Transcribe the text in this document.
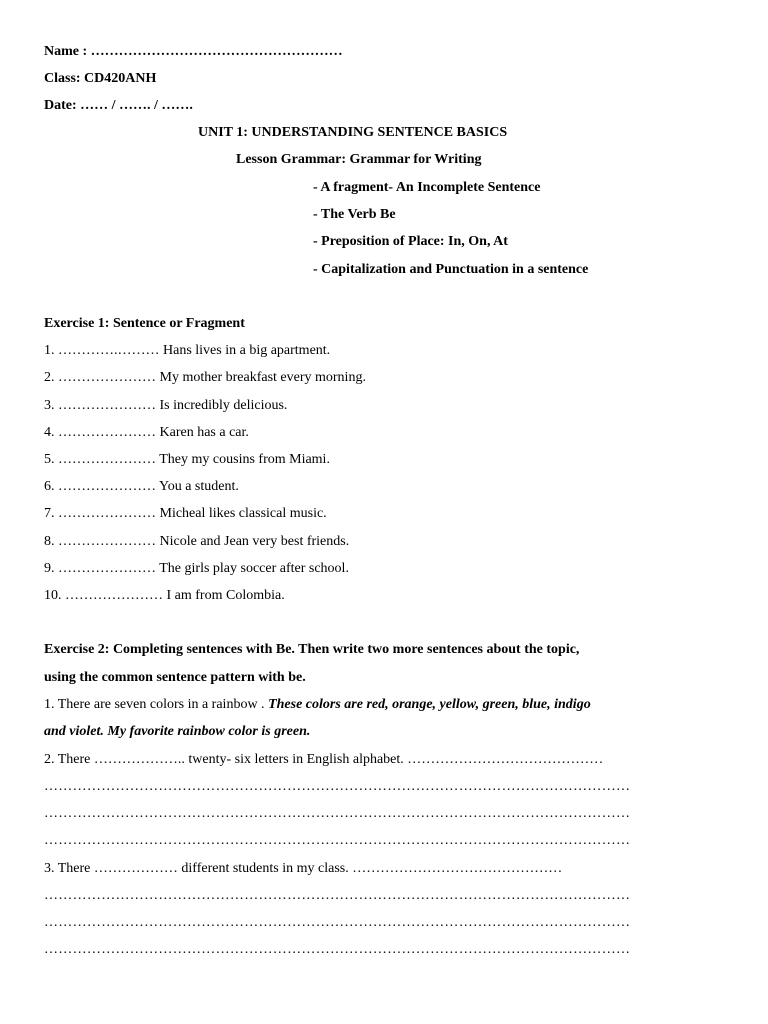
Name : ………………………………………………
Class: CD420ANH
Date: …… / ……. / …….
UNIT 1: UNDERSTANDING SENTENCE BASICS
Lesson Grammar: Grammar for Writing
- A fragment- An Incomplete Sentence
- The Verb Be
- Preposition of Place: In, On, At
- Capitalization and Punctuation in a sentence
Exercise 1: Sentence or Fragment
1. ………….……… Hans lives in a big apartment.
2. ………………… My mother breakfast every morning.
3. ………………… Is incredibly delicious.
4. ………………… Karen has a car.
5. ………………… They my cousins from Miami.
6. ………………… You a student.
7. ………………… Micheal likes classical music.
8. ………………… Nicole and Jean very best friends.
9. ………………… The girls play soccer after school.
10. ………………… I am from Colombia.
Exercise 2: Completing sentences with Be. Then write two more sentences about the topic,
using the common sentence pattern with be.
1. There are seven colors in a rainbow . These colors are red, orange, yellow, green, blue, indigo
and violet. My favorite rainbow color is green.
2. There ……………….. twenty- six letters in English alphabet. ……………………………………
……………………………………………………………………………………………………………
……………………………………………………………………………………………………………
……………………………………………………………………………………………………………
3. There ……………… different students in my class. ………………………………………
……………………………………………………………………………………………………………
……………………………………………………………………………………………………………
……………………………………………………………………………………………………………
